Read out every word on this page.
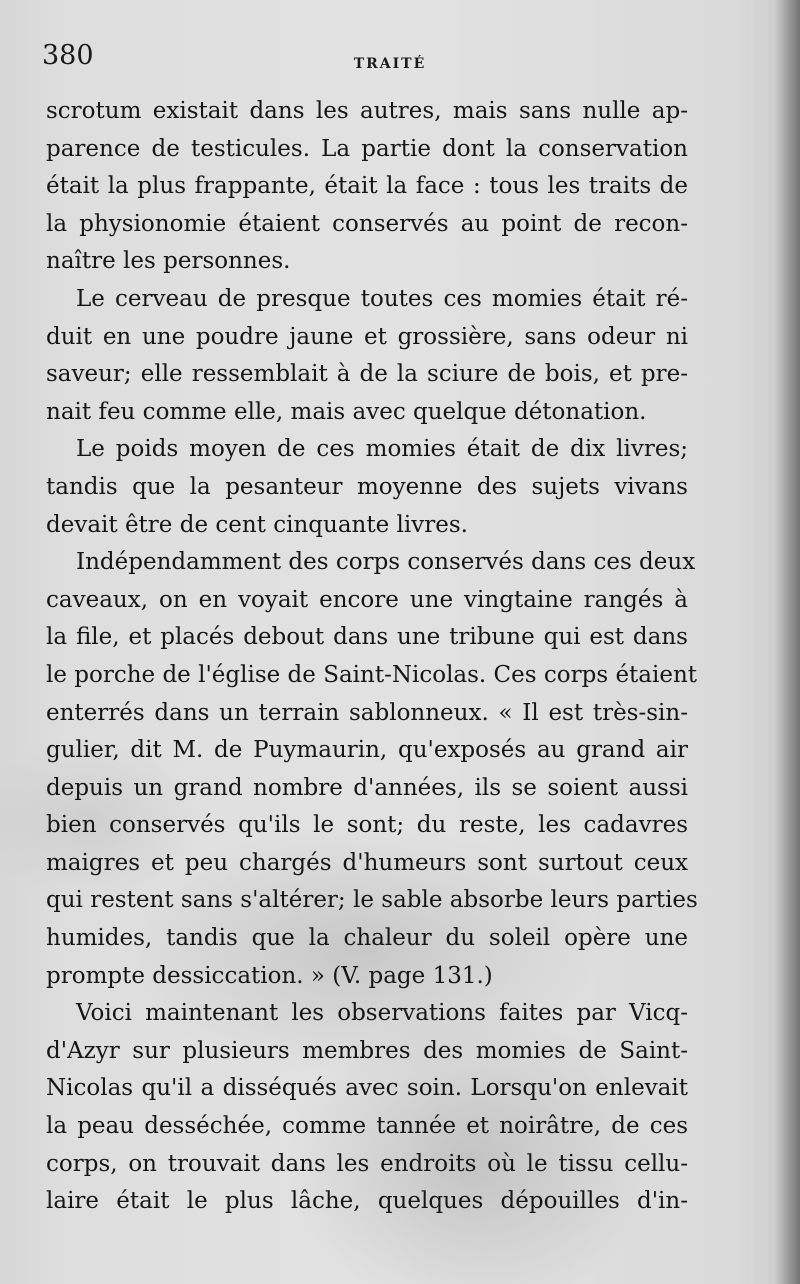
380	TRAITÉ

scrotum existait dans les autres, mais sans nulle ap-
parence de testicules. La partie dont la conservation
était la plus frappante, était la face : tous les traits de
la physionomie étaient conservés au point de recon-
naître les personnes.

Le cerveau de presque toutes ces momies était ré-
duit en une poudre jaune et grossière, sans odeur ni
saveur; elle ressemblait à de la sciure de bois, et pre-
nait feu comme elle, mais avec quelque détonation.

Le poids moyen de ces momies était de dix livres;
tandis que la pesanteur moyenne des sujets vivans
devait être de cent cinquante livres.

Indépendamment des corps conservés dans ces deux
caveaux, on en voyait encore une vingtaine rangés à
la file, et placés debout dans une tribune qui est dans
le porche de l'église de Saint-Nicolas. Ces corps étaient
enterrés dans un terrain sablonneux. « Il est très-sin-
gulier, dit M. de Puymaurin, qu'exposés au grand air
depuis un grand nombre d'années, ils se soient aussi
bien conservés qu'ils le sont; du reste, les cadavres
maigres et peu chargés d'humeurs sont surtout ceux
qui restent sans s'altérer; le sable absorbe leurs parties
humides, tandis que la chaleur du soleil opère une
prompte dessiccation. » (V. page 131.)

Voici maintenant les observations faites par Vicq-
d'Azyr sur plusieurs membres des momies de Saint-
Nicolas qu'il a disséqués avec soin. Lorsqu'on enlevait
la peau desséchée, comme tannée et noirâtre, de ces
corps, on trouvait dans les endroits où le tissu cellu-
laire était le plus lâche, quelques dépouilles d'in-
